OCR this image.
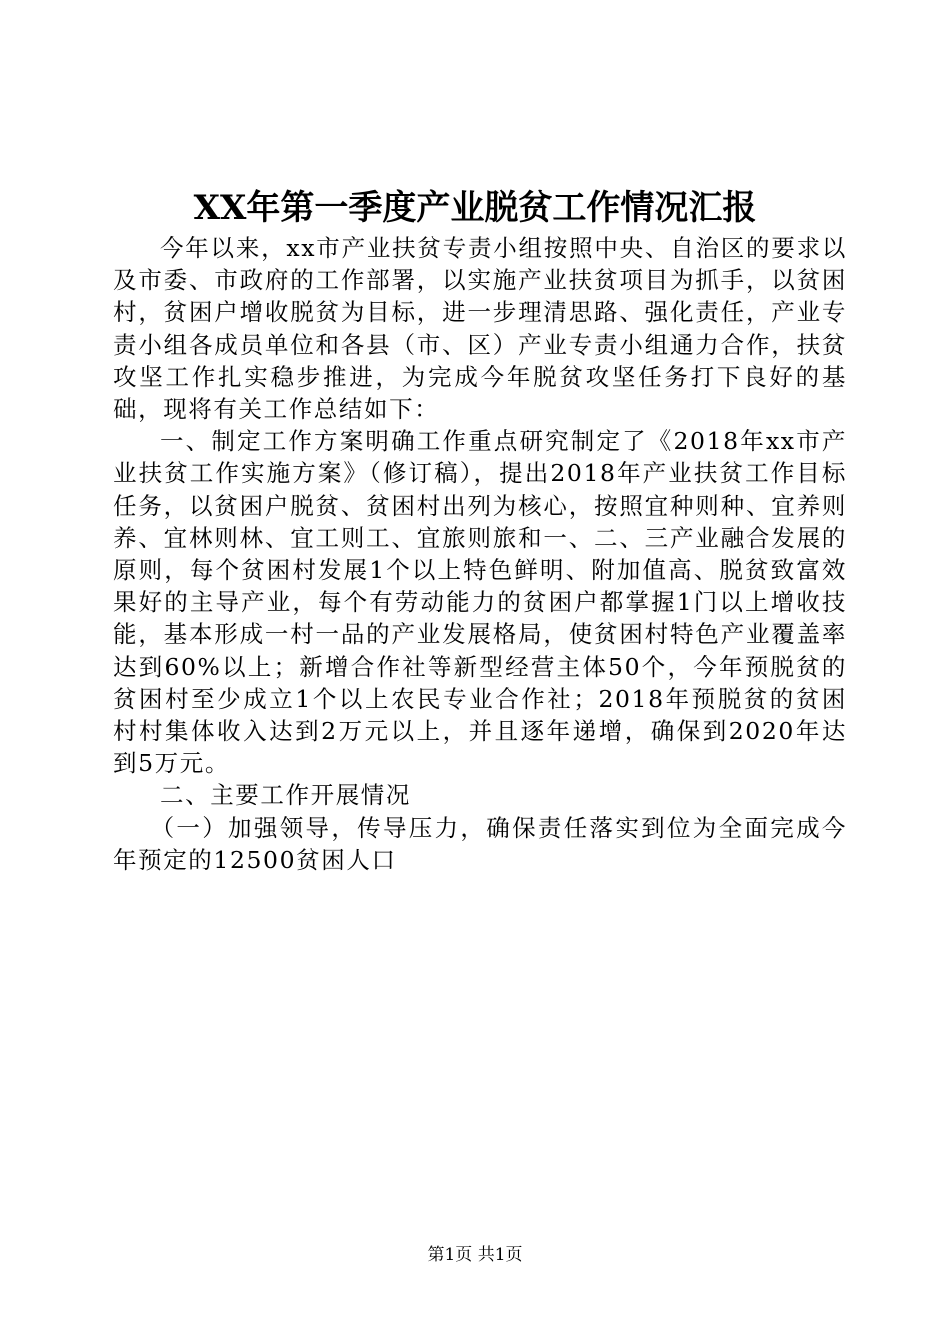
XX年第一季度产业脱贫工作情况汇报

今年以来，xx市产业扶贫专责小组按照中央、自治区的要求以及市委、市政府的工作部署，以实施产业扶贫项目为抓手，以贫困村，贫困户增收脱贫为目标，进一步理清思路、强化责任，产业专责小组各成员单位和各县（市、区）产业专责小组通力合作，扶贫攻坚工作扎实稳步推进，为完成今年脱贫攻坚任务打下良好的基础，现将有关工作总结如下：

一、制定工作方案明确工作重点研究制定了《2018年xx市产业扶贫工作实施方案》（修订稿），提出2018年产业扶贫工作目标任务，以贫困户脱贫、贫困村出列为核心，按照宜种则种、宜养则养、宜林则林、宜工则工、宜旅则旅和一、二、三产业融合发展的原则，每个贫困村发展1个以上特色鲜明、附加值高、脱贫致富效果好的主导产业，每个有劳动能力的贫困户都掌握1门以上增收技能，基本形成一村一品的产业发展格局，使贫困村特色产业覆盖率达到60%以上；新增合作社等新型经营主体50个，今年预脱贫的贫困村至少成立1个以上农民专业合作社；2018年预脱贫的贫困村村集体收入达到2万元以上，并且逐年递增，确保到2020年达到5万元。

二、主要工作开展情况

（一）加强领导，传导压力，确保责任落实到位为全面完成今年预定的12500贫困人口

第1页 共1页
